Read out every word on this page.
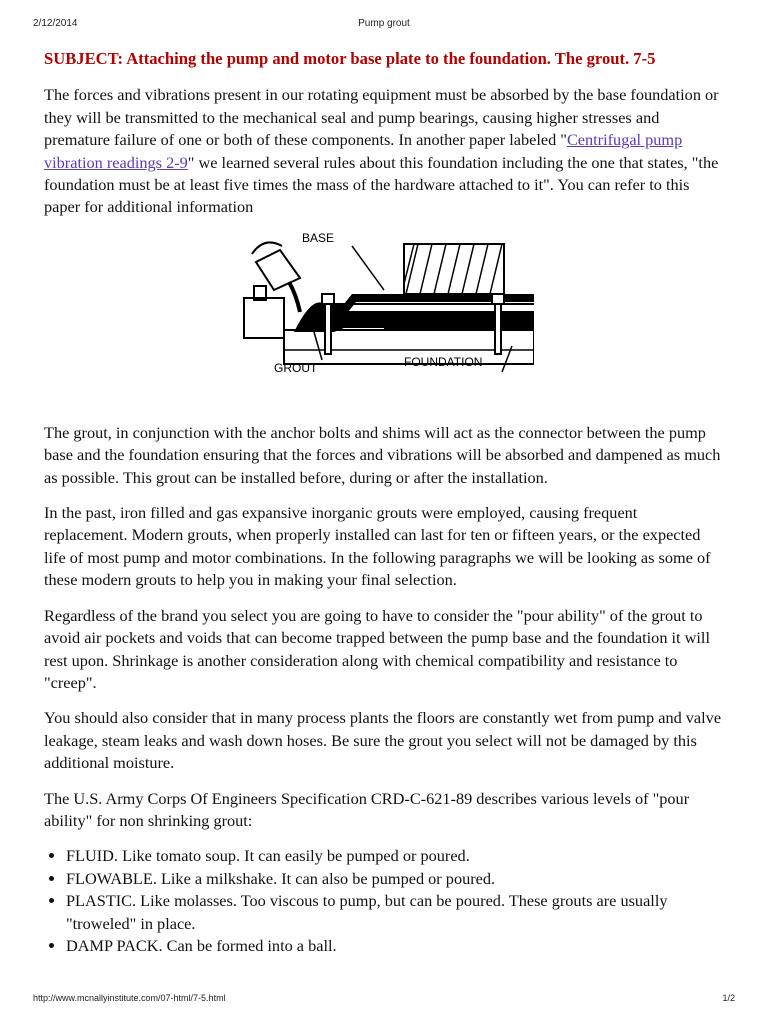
2/12/2014	Pump grout
SUBJECT: Attaching the pump and motor base plate to the foundation. The grout. 7-5

The forces and vibrations present in our rotating equipment must be absorbed by the base foundation or they will be transmitted to the mechanical seal and pump bearings, causing higher stresses and premature failure of one or both of these components. In another paper labeled "Centrifugal pump vibration readings 2-9" we learned several rules about this foundation including the one that states, "the foundation must be at least five times the mass of the hardware attached to it". You can refer to this paper for additional information

BASE
GROUT	FOUNDATION

The grout, in conjunction with the anchor bolts and shims will act as the connector between the pump base and the foundation ensuring that the forces and vibrations will be absorbed and dampened as much as possible. This grout can be installed before, during or after the installation.

In the past, iron filled and gas expansive inorganic grouts were employed, causing frequent replacement. Modern grouts, when properly installed can last for ten or fifteen years, or the expected life of most pump and motor combinations. In the following paragraphs we will be looking as some of these modern grouts to help you in making your final selection.

Regardless of the brand you select you are going to have to consider the "pour ability" of the grout to avoid air pockets and voids that can become trapped between the pump base and the foundation it will rest upon. Shrinkage is another consideration along with chemical compatibility and resistance to "creep".

You should also consider that in many process plants the floors are constantly wet from pump and valve leakage, steam leaks and wash down hoses. Be sure the grout you select will not be damaged by this additional moisture.

The U.S. Army Corps Of Engineers Specification CRD-C-621-89 describes various levels of "pour ability" for non shrinking grout:

• FLUID. Like tomato soup. It can easily be pumped or poured.
• FLOWABLE. Like a milkshake. It can also be pumped or poured.
• PLASTIC. Like molasses. Too viscous to pump, but can be poured. These grouts are usually "troweled" in place.
• DAMP PACK. Can be formed into a ball.
http://www.mcnallyinstitute.com/07-html/7-5.html	1/2
